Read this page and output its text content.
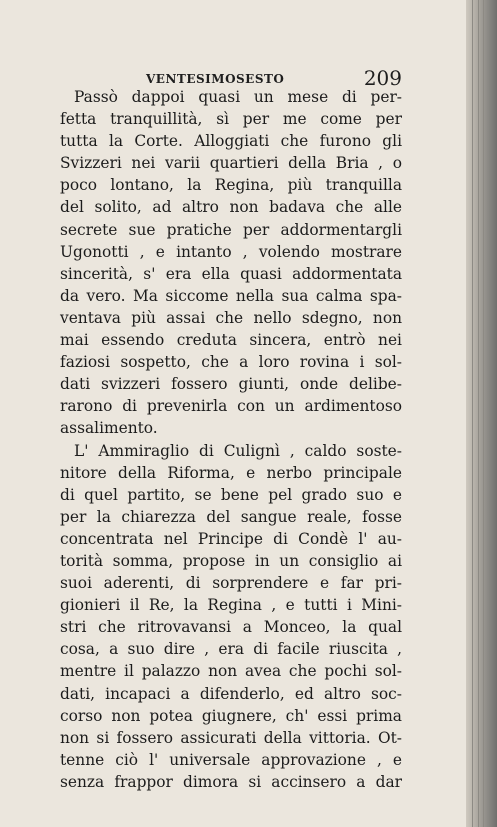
VENTESIMOSESTO	209
Passò dappoi quasi un mese di per-
fetta tranquillità, sì per me come per
tutta la Corte. Alloggiati che furono gli
Svizzeri nei varii quartieri della Bria , o
poco lontano, la Regina, più tranquilla
del solito, ad altro non badava che alle
secrete sue pratiche per addormentargli
Ugonotti , e intanto , volendo mostrare
sincerità, s' era ella quasi addormentata
da vero. Ma siccome nella sua calma spa-
ventava più assai che nello sdegno, non
mai essendo creduta sincera, entrò nei
faziosi sospetto, che a loro rovina i sol-
dati svizzeri fossero giunti, onde delibe-
rarono di prevenirla con un ardimentoso
assalimento.
L' Ammiraglio di Culignì , caldo soste-
nitore della Riforma, e nerbo principale
di quel partito, se bene pel grado suo e
per la chiarezza del sangue reale, fosse
concentrata nel Principe di Condè l' au-
torità somma, propose in un consiglio ai
suoi aderenti, di sorprendere e far pri-
gionieri il Re, la Regina , e tutti i Mini-
stri che ritrovavansi a Monceo, la qual
cosa, a suo dire , era di facile riuscita ,
mentre il palazzo non avea che pochi sol-
dati, incapaci a difenderlo, ed altro soc-
corso non potea giugnere, ch' essi prima
non si fossero assicurati della vittoria. Ot-
tenne ciò l' universale approvazione , e
senza frappor dimora si accinsero a dar
